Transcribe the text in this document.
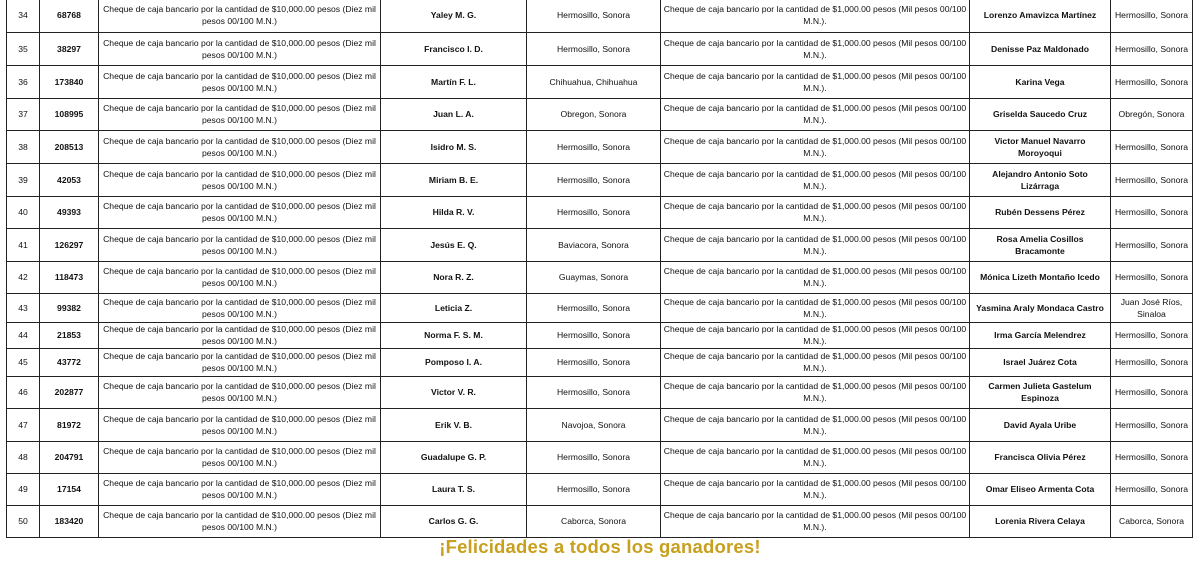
34	68768	Cheque de caja bancario por la cantidad de $10,000.00 pesos (Diez mil pesos 00/100 M.N.)	Yaley M. G.	Hermosillo, Sonora	Cheque de caja bancario por la cantidad de $1,000.00 pesos (Mil pesos 00/100 M.N.).	Lorenzo Amavizca Martínez	Hermosillo, Sonora
35	38297	Cheque de caja bancario por la cantidad de $10,000.00 pesos (Diez mil pesos 00/100 M.N.)	Francisco I. D.	Hermosillo, Sonora	Cheque de caja bancario por la cantidad de $1,000.00 pesos (Mil pesos 00/100 M.N.).	Denisse Paz Maldonado	Hermosillo, Sonora
36	173840	Cheque de caja bancario por la cantidad de $10,000.00 pesos (Diez mil pesos 00/100 M.N.)	Martín F. L.	Chihuahua, Chihuahua	Cheque de caja bancario por la cantidad de $1,000.00 pesos (Mil pesos 00/100 M.N.).	Karina Vega	Hermosillo, Sonora
37	108995	Cheque de caja bancario por la cantidad de $10,000.00 pesos (Diez mil pesos 00/100 M.N.)	Juan L. A.	Obregon, Sonora	Cheque de caja bancario por la cantidad de $1,000.00 pesos (Mil pesos 00/100 M.N.).	Griselda Saucedo Cruz	Obregón, Sonora
38	208513	Cheque de caja bancario por la cantidad de $10,000.00 pesos (Diez mil pesos 00/100 M.N.)	Isidro M. S.	Hermosillo, Sonora	Cheque de caja bancario por la cantidad de $1,000.00 pesos (Mil pesos 00/100 M.N.).	Victor Manuel Navarro Moroyoqui	Hermosillo, Sonora
39	42053	Cheque de caja bancario por la cantidad de $10,000.00 pesos (Diez mil pesos 00/100 M.N.)	Miriam B. E.	Hermosillo, Sonora	Cheque de caja bancario por la cantidad de $1,000.00 pesos (Mil pesos 00/100 M.N.).	Alejandro Antonio Soto Lizárraga	Hermosillo, Sonora
40	49393	Cheque de caja bancario por la cantidad de $10,000.00 pesos (Diez mil pesos 00/100 M.N.)	Hilda R. V.	Hermosillo, Sonora	Cheque de caja bancario por la cantidad de $1,000.00 pesos (Mil pesos 00/100 M.N.).	Rubén Dessens Pérez	Hermosillo, Sonora
41	126297	Cheque de caja bancario por la cantidad de $10,000.00 pesos (Diez mil pesos 00/100 M.N.)	Jesús E. Q.	Baviacora, Sonora	Cheque de caja bancario por la cantidad de $1,000.00 pesos (Mil pesos 00/100 M.N.).	Rosa Amelia Cosillos Bracamonte	Hermosillo, Sonora
42	118473	Cheque de caja bancario por la cantidad de $10,000.00 pesos (Diez mil pesos 00/100 M.N.)	Nora R. Z.	Guaymas, Sonora	Cheque de caja bancario por la cantidad de $1,000.00 pesos (Mil pesos 00/100 M.N.).	Mónica Lizeth Montaño Icedo	Hermosillo, Sonora
43	99382	Cheque de caja bancario por la cantidad de $10,000.00 pesos (Diez mil pesos 00/100 M.N.)	Leticia Z.	Hermosillo, Sonora	Cheque de caja bancario por la cantidad de $1,000.00 pesos (Mil pesos 00/100 M.N.).	Yasmina Araly Mondaca Castro	Juan José Ríos, Sinaloa
44	21853	Cheque de caja bancario por la cantidad de $10,000.00 pesos (Diez mil pesos 00/100 M.N.)	Norma F. S. M.	Hermosillo, Sonora	Cheque de caja bancario por la cantidad de $1,000.00 pesos (Mil pesos 00/100 M.N.).	Irma García Melendrez	Hermosillo, Sonora
45	43772	Cheque de caja bancario por la cantidad de $10,000.00 pesos (Diez mil pesos 00/100 M.N.)	Pomposo I. A.	Hermosillo, Sonora	Cheque de caja bancario por la cantidad de $1,000.00 pesos (Mil pesos 00/100 M.N.).	Israel Juárez Cota	Hermosillo, Sonora
46	202877	Cheque de caja bancario por la cantidad de $10,000.00 pesos (Diez mil pesos 00/100 M.N.)	Victor V. R.	Hermosillo, Sonora	Cheque de caja bancario por la cantidad de $1,000.00 pesos (Mil pesos 00/100 M.N.).	Carmen Julieta Gastelum Espinoza	Hermosillo, Sonora
47	81972	Cheque de caja bancario por la cantidad de $10,000.00 pesos (Diez mil pesos 00/100 M.N.)	Erik V. B.	Navojoa, Sonora	Cheque de caja bancario por la cantidad de $1,000.00 pesos (Mil pesos 00/100 M.N.).	David Ayala Uribe	Hermosillo, Sonora
48	204791	Cheque de caja bancario por la cantidad de $10,000.00 pesos (Diez mil pesos 00/100 M.N.)	Guadalupe G. P.	Hermosillo, Sonora	Cheque de caja bancario por la cantidad de $1,000.00 pesos (Mil pesos 00/100 M.N.).	Francisca Olivia Pérez	Hermosillo, Sonora
49	17154	Cheque de caja bancario por la cantidad de $10,000.00 pesos (Diez mil pesos 00/100 M.N.)	Laura T. S.	Hermosillo, Sonora	Cheque de caja bancario por la cantidad de $1,000.00 pesos (Mil pesos 00/100 M.N.).	Omar Eliseo Armenta Cota	Hermosillo, Sonora
50	183420	Cheque de caja bancario por la cantidad de $10,000.00 pesos (Diez mil pesos 00/100 M.N.)	Carlos G. G.	Caborca, Sonora	Cheque de caja bancario por la cantidad de $1,000.00 pesos (Mil pesos 00/100 M.N.).	Lorenia Rivera Celaya	Caborca, Sonora
¡Felicidades a todos los ganadores!
